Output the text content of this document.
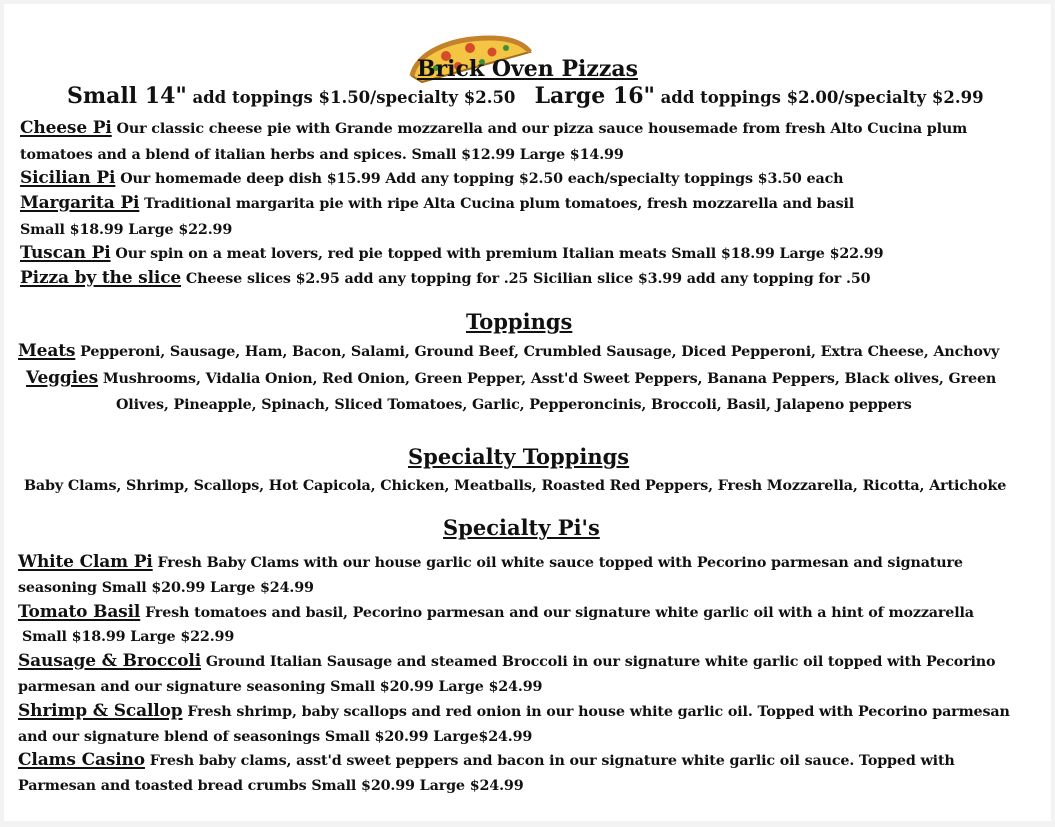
Brick Oven Pizzas
Small 14" add toppings $1.50/specialty $2.50 Large 16" add toppings $2.00/specialty $2.99
Cheese Pi Our classic cheese pie with Grande mozzarella and our pizza sauce housemade from fresh Alto Cucina plum
tomatoes and a blend of italian herbs and spices. Small $12.99 Large $14.99
Sicilian Pi Our homemade deep dish $15.99 Add any topping $2.50 each/specialty toppings $3.50 each
Margarita Pi Traditional margarita pie with ripe Alta Cucina plum tomatoes, fresh mozzarella and basil
Small $18.99 Large $22.99
Tuscan Pi Our spin on a meat lovers, red pie topped with premium Italian meats Small $18.99 Large $22.99
Pizza by the slice Cheese slices $2.95 add any topping for .25 Sicilian slice $3.99 add any topping for .50
Toppings
Meats Pepperoni, Sausage, Ham, Bacon, Salami, Ground Beef, Crumbled Sausage, Diced Pepperoni, Extra Cheese, Anchovy
Veggies Mushrooms, Vidalia Onion, Red Onion, Green Pepper, Asst'd Sweet Peppers, Banana Peppers, Black olives, Green
Olives, Pineapple, Spinach, Sliced Tomatoes, Garlic, Pepperoncinis, Broccoli, Basil, Jalapeno peppers
Specialty Toppings
Baby Clams, Shrimp, Scallops, Hot Capicola, Chicken, Meatballs, Roasted Red Peppers, Fresh Mozzarella, Ricotta, Artichoke
Specialty Pi's
White Clam Pi Fresh Baby Clams with our house garlic oil white sauce topped with Pecorino parmesan and signature
seasoning Small $20.99 Large $24.99
Tomato Basil Fresh tomatoes and basil, Pecorino parmesan and our signature white garlic oil with a hint of mozzarella
Small $18.99 Large $22.99
Sausage & Broccoli Ground Italian Sausage and steamed Broccoli in our signature white garlic oil topped with Pecorino
parmesan and our signature seasoning Small $20.99 Large $24.99
Shrimp & Scallop Fresh shrimp, baby scallops and red onion in our house white garlic oil. Topped with Pecorino parmesan
and our signature blend of seasonings Small $20.99 Large$24.99
Clams Casino Fresh baby clams, asst'd sweet peppers and bacon in our signature white garlic oil sauce. Topped with
Parmesan and toasted bread crumbs Small $20.99 Large $24.99
